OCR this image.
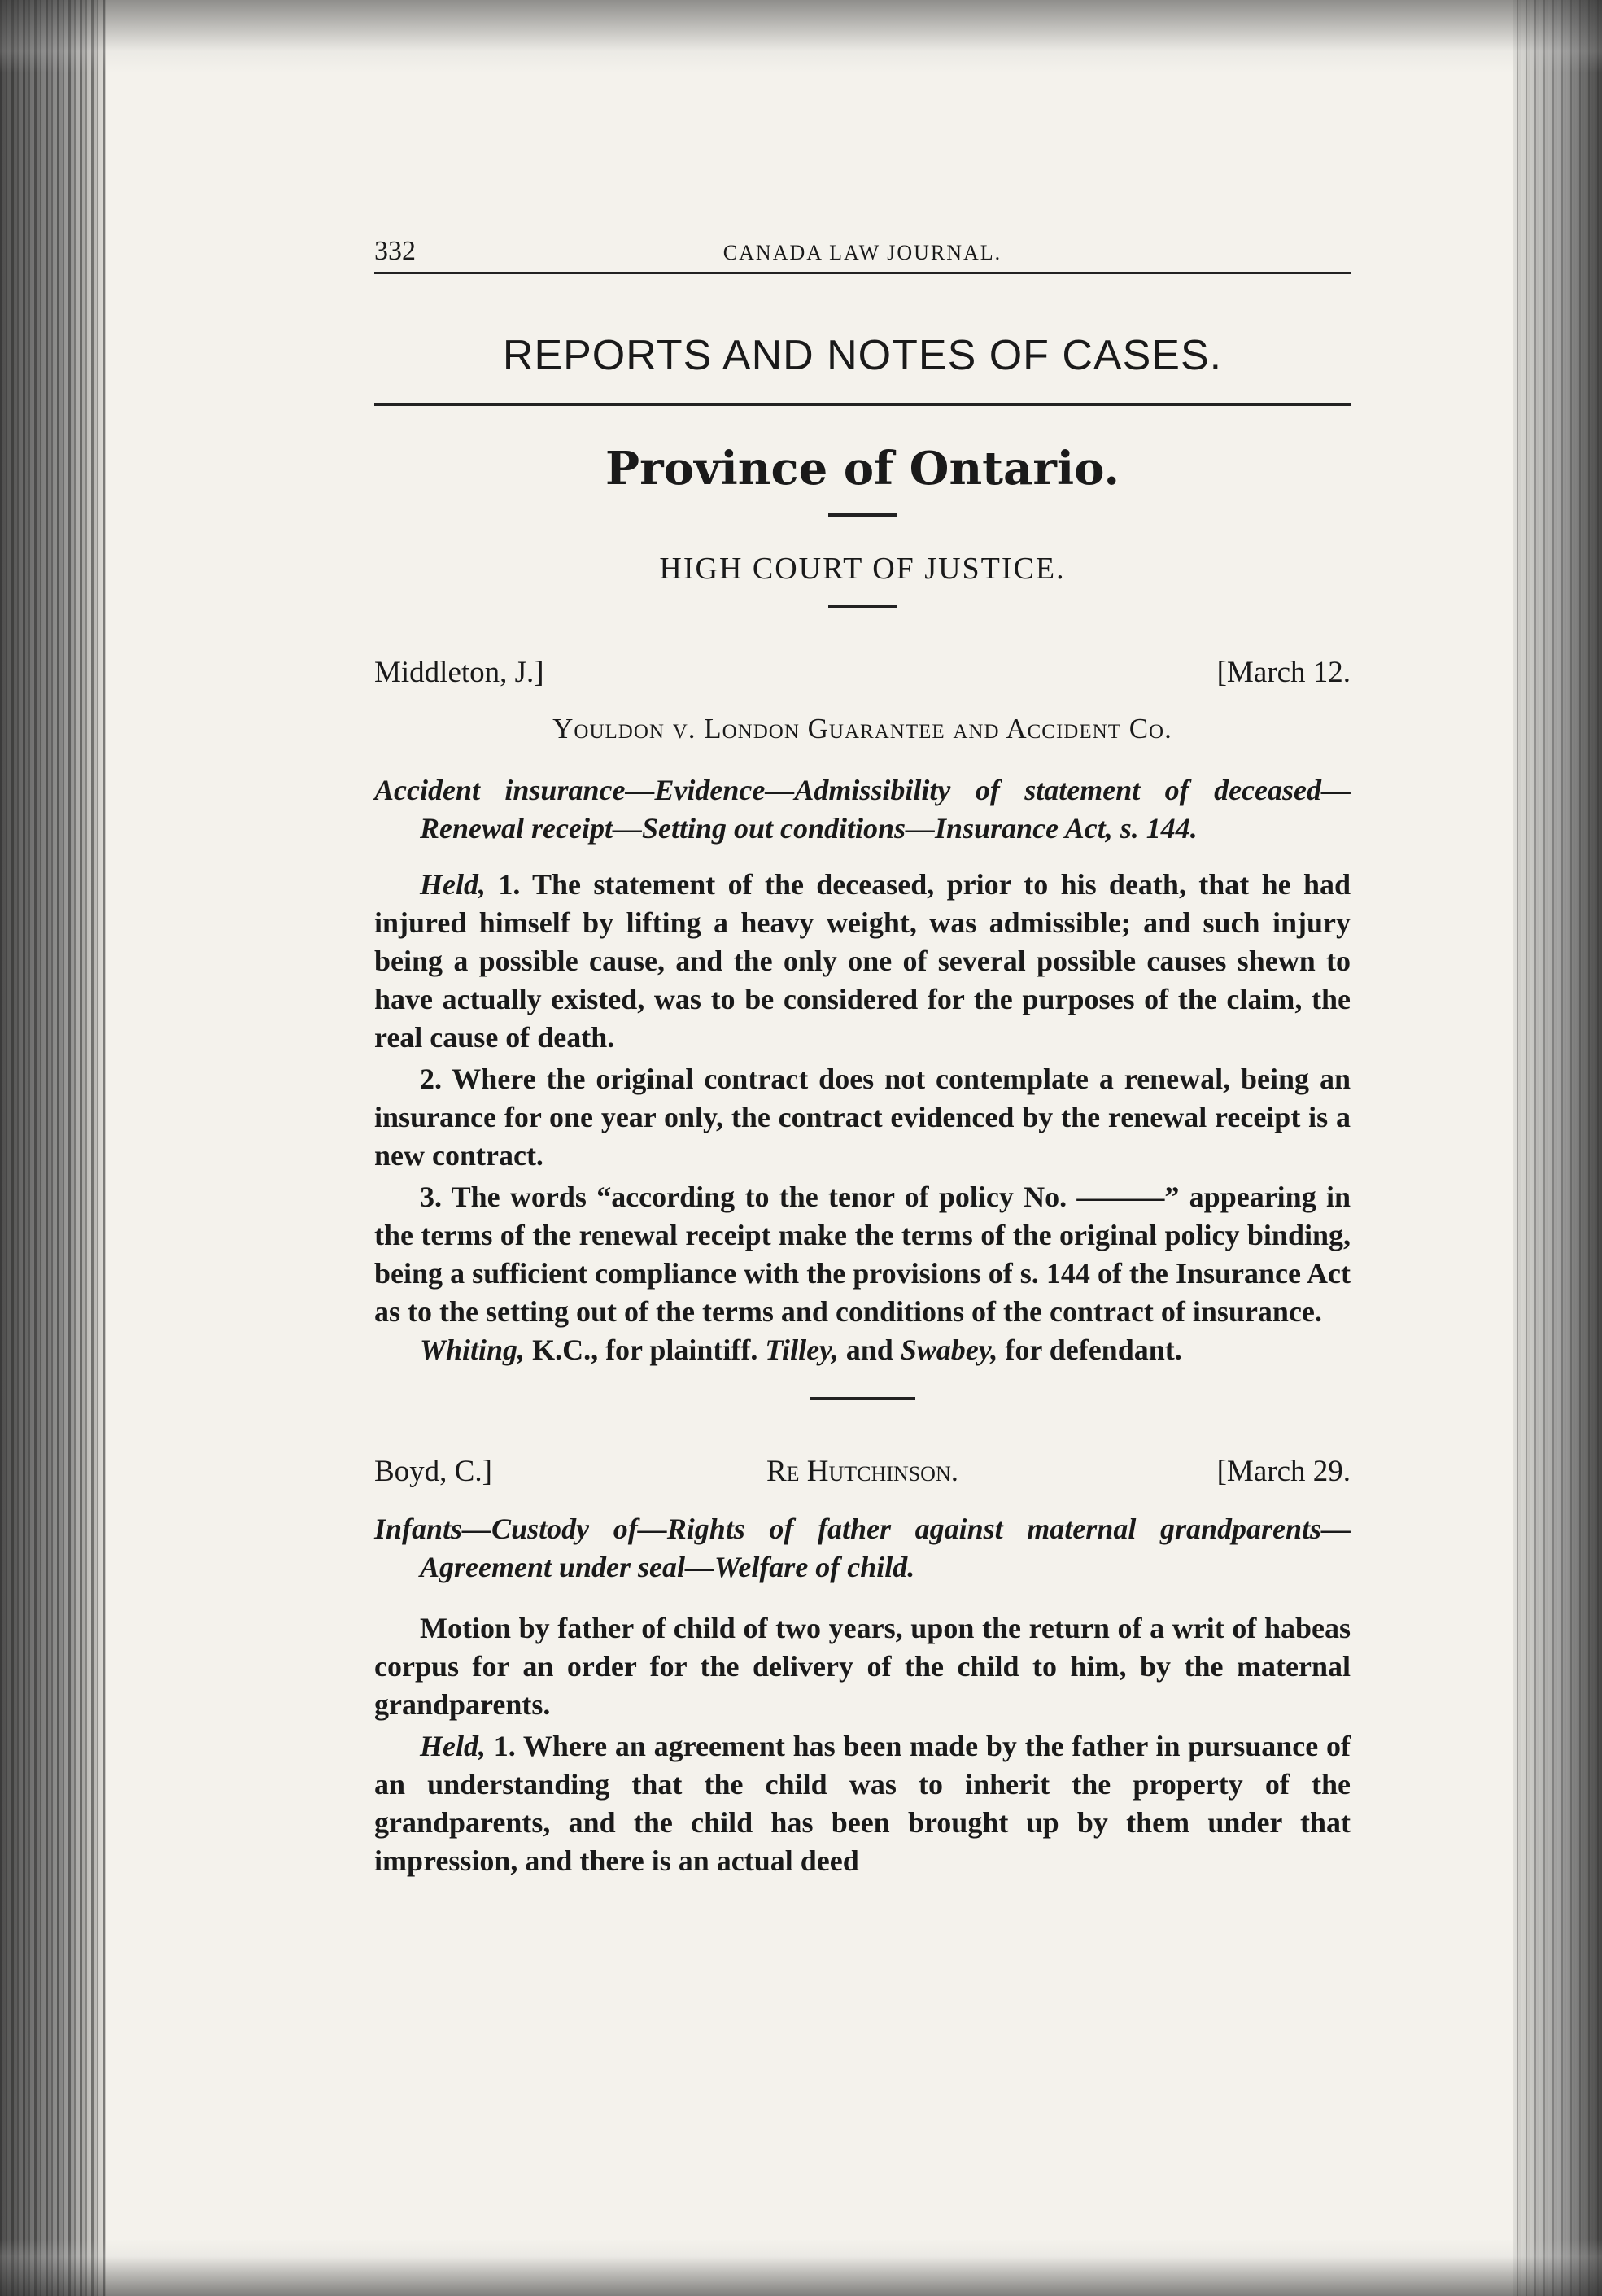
332	CANADA LAW JOURNAL.
REPORTS AND NOTES OF CASES.
Province of Ontario.
HIGH COURT OF JUSTICE.
Middleton, J.]	[March 12.
Youldon v. London Guarantee and Accident Co.
Accident insurance—Evidence—Admissibility of statement of deceased—Renewal receipt—Setting out conditions—Insurance Act, s. 144.

Held, 1. The statement of the deceased, prior to his death, that he had injured himself by lifting a heavy weight, was admissible; and such injury being a possible cause, and the only one of several possible causes shewn to have actually existed, was to be considered for the purposes of the claim, the real cause of death.

2. Where the original contract does not contemplate a renewal, being an insurance for one year only, the contract evidenced by the renewal receipt is a new contract.

3. The words “according to the tenor of policy No. ———” appearing in the terms of the renewal receipt make the terms of the original policy binding, being a sufficient compliance with the provisions of s. 144 of the Insurance Act as to the setting out of the terms and conditions of the contract of insurance.

Whiting, K.C., for plaintiff. Tilley, and Swabey, for defendant.

Boyd, C.]	Re Hutchinson.	[March 29.
Infants—Custody of—Rights of father against maternal grandparents—Agreement under seal—Welfare of child.

Motion by father of child of two years, upon the return of a writ of habeas corpus for an order for the delivery of the child to him, by the maternal grandparents.

Held, 1. Where an agreement has been made by the father in pursuance of an understanding that the child was to inherit the property of the grandparents, and the child has been brought up by them under that impression, and there is an actual deed
